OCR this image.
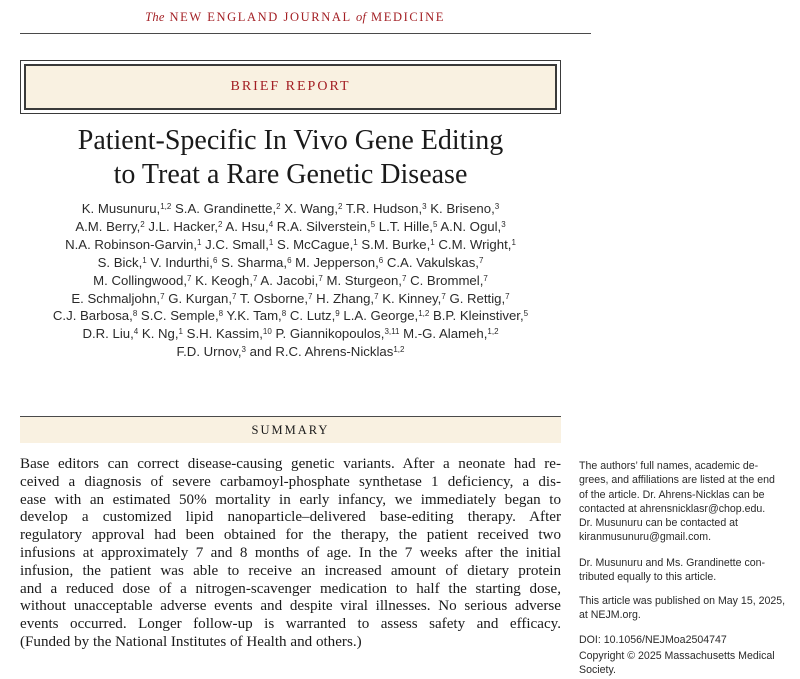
The NEW ENGLAND JOURNAL of MEDICINE
BRIEF REPORT
Patient-Specific In Vivo Gene Editing
to Treat a Rare Genetic Disease
K. Musunuru,$^{1,2}$ S.A. Grandinette,$^2$ X. Wang,$^2$ T.R. Hudson,$^3$ K. Briseno,$^3$
A.M. Berry,$^2$ J.L. Hacker,$^2$ A. Hsu,$^4$ R.A. Silverstein,$^5$ L.T. Hille,$^5$ A.N. Ogul,$^3$
N.A. Robinson-Garvin,$^1$ J.C. Small,$^1$ S. McCague,$^1$ S.M. Burke,$^1$ C.M. Wright,$^1$
S. Bick,$^1$ V. Indurthi,$^6$ S. Sharma,$^6$ M. Jepperson,$^6$ C.A. Vakulskas,$^7$
M. Collingwood,$^7$ K. Keogh,$^7$ A. Jacobi,$^7$ M. Sturgeon,$^7$ C. Brommel,$^7$
E. Schmaljohn,$^7$ G. Kurgan,$^7$ T. Osborne,$^7$ H. Zhang,$^7$ K. Kinney,$^7$ G. Rettig,$^7$
C.J. Barbosa,$^8$ S.C. Semple,$^8$ Y.K. Tam,$^8$ C. Lutz,$^9$ L.A. George,$^{1,2}$ B.P. Kleinstiver,$^5$
D.R. Liu,$^4$ K. Ng,$^1$ S.H. Kassim,$^{10}$ P. Giannikopoulos,$^{3,11}$ M.-G. Alameh,$^{1,2}$
F.D. Urnov,$^3$ and R.C. Ahrens-Nicklas$^{1,2}$
SUMMARY
Base editors can correct disease-causing genetic variants. After a neonate had re-
ceived a diagnosis of severe carbamoyl-phosphate synthetase 1 deficiency, a dis-
ease with an estimated 50% mortality in early infancy, we immediately began to
develop a customized lipid nanoparticle–delivered base-editing therapy. After
regulatory approval had been obtained for the therapy, the patient received two
infusions at approximately 7 and 8 months of age. In the 7 weeks after the initial
infusion, the patient was able to receive an increased amount of dietary protein
and a reduced dose of a nitrogen-scavenger medication to half the starting dose,
without unacceptable adverse events and despite viral illnesses. No serious adverse
events occurred. Longer follow-up is warranted to assess safety and efficacy.
(Funded by the National Institutes of Health and others.)
The authors’ full names, academic de-
grees, and affiliations are listed at the end
of the article. Dr. Ahrens-Nicklas can be
contacted at ahrensnicklasr@chop.edu.
Dr. Musunuru can be contacted at
kiranmusunuru@gmail.com.
Dr. Musunuru and Ms. Grandinette con-
tributed equally to this article.
This article was published on May 15, 2025,
at NEJM.org.
DOI: 10.1056/NEJMoa2504747
Copyright © 2025 Massachusetts Medical Society.
